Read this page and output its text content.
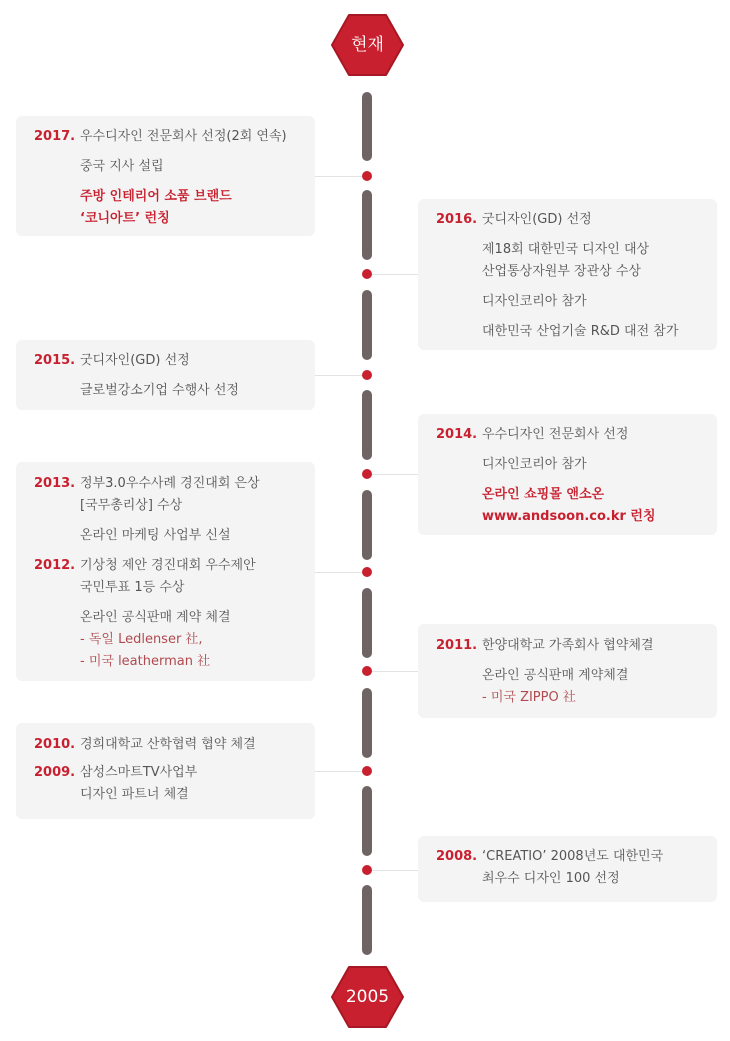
현재
2005
2017. 우수디자인 전문회사 선정(2회 연속)
중국 지사 설립
주방 인테리어 소품 브랜드
‘코니아트’ 런칭
2015. 굿디자인(GD) 선정
글로벌강소기업 수행사 선정
2013. 정부3.0우수사례 경진대회 은상
[국무총리상] 수상
온라인 마케팅 사업부 신설
2012. 기상청 제안 경진대회 우수제안
국민투표 1등 수상
온라인 공식판매 계약 체결
- 독일 Ledlenser 社,
- 미국 leatherman 社
2010. 경희대학교 산학협력 협약 체결
2009. 삼성스마트TV사업부
디자인 파트너 체결
2016. 굿디자인(GD) 선정
제18회 대한민국 디자인 대상
산업통상자원부 장관상 수상
디자인코리아 참가
대한민국 산업기술 R&D 대전 참가
2014. 우수디자인 전문회사 선정
디자인코리아 참가
온라인 쇼핑몰 앤소온
www.andsoon.co.kr 런칭
2011. 한양대학교 가족회사 협약체결
온라인 공식판매 계약체결
- 미국 ZIPPO 社
2008. ‘CREATIO’ 2008년도 대한민국
최우수 디자인 100 선정
